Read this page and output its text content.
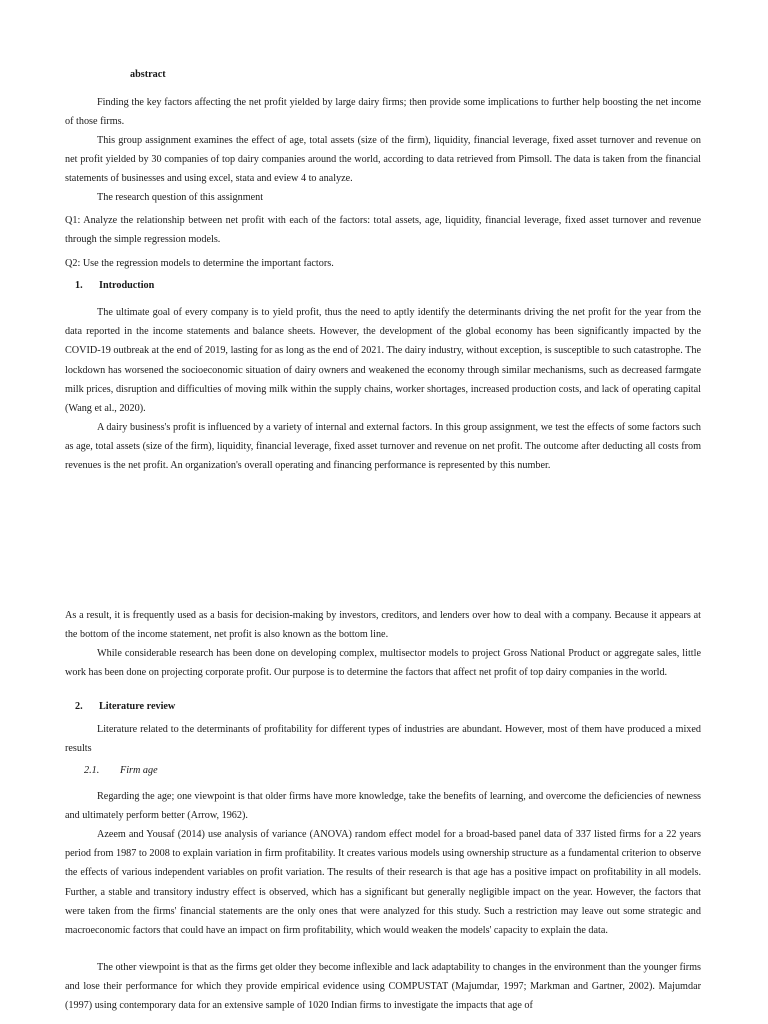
abstract
Finding the key factors affecting the net profit yielded by large dairy firms; then provide some implications to further help boosting the net income of those firms.
This group assignment examines the effect of age, total assets (size of the firm), liquidity, financial leverage, fixed asset turnover and revenue on net profit yielded by 30 companies of top dairy companies around the world, according to data retrieved from Pimsoll. The data is taken from the financial statements of businesses and using excel, stata and eview 4 to analyze.
The research question of this assignment
Q1: Analyze the relationship between net profit with each of the factors: total assets, age, liquidity, financial leverage, fixed asset turnover and revenue through the simple regression models.
Q2: Use the regression models to determine the important factors.
1. Introduction
The ultimate goal of every company is to yield profit, thus the need to aptly identify the determinants driving the net profit for the year from the data reported in the income statements and balance sheets. However, the development of the global economy has been significantly impacted by the COVID-19 outbreak at the end of 2019, lasting for as long as the end of 2021. The dairy industry, without exception, is susceptible to such catastrophe. The lockdown has worsened the socioeconomic situation of dairy owners and weakened the economy through similar mechanisms, such as decreased farmgate milk prices, disruption and difficulties of moving milk within the supply chains, worker shortages, increased production costs, and lack of operating capital (Wang et al., 2020).
A dairy business's profit is influenced by a variety of internal and external factors. In this group assignment, we test the effects of some factors such as age, total assets (size of the firm), liquidity, financial leverage, fixed asset turnover and revenue on net profit. The outcome after deducting all costs from revenues is the net profit. An organization's overall operating and financing performance is represented by this number.
As a result, it is frequently used as a basis for decision-making by investors, creditors, and lenders over how to deal with a company. Because it appears at the bottom of the income statement, net profit is also known as the bottom line.
While considerable research has been done on developing complex, multisector models to project Gross National Product or aggregate sales, little work has been done on projecting corporate profit. Our purpose is to determine the factors that affect net profit of top dairy companies in the world.
2. Literature review
Literature related to the determinants of profitability for different types of industries are abundant. However, most of them have produced a mixed results
2.1. Firm age
Regarding the age; one viewpoint is that older firms have more knowledge, take the benefits of learning, and overcome the deficiencies of newness and ultimately perform better (Arrow, 1962).
Azeem and Yousaf (2014) use analysis of variance (ANOVA) random effect model for a broad-based panel data of 337 listed firms for a 22 years period from 1987 to 2008 to explain variation in firm profitability. It creates various models using ownership structure as a fundamental criterion to observe the effects of various independent variables on profit variation. The results of their research is that age has a positive impact on profitability in all models. Further, a stable and transitory industry effect is observed, which has a significant but generally negligible impact on the year. However, the factors that were taken from the firms' financial statements are the only ones that were analyzed for this study. Such a restriction may leave out some strategic and macroeconomic factors that could have an impact on firm profitability, which would weaken the models' capacity to explain the data.
The other viewpoint is that as the firms get older they become inflexible and lack adaptability to changes in the environment than the younger firms and lose their performance for which they provide empirical evidence using COMPUSTAT (Majumdar, 1997; Markman and Gartner, 2002). Majumdar (1997) using contemporary data for an extensive sample of 1020 Indian firms to investigate the impacts that age of
